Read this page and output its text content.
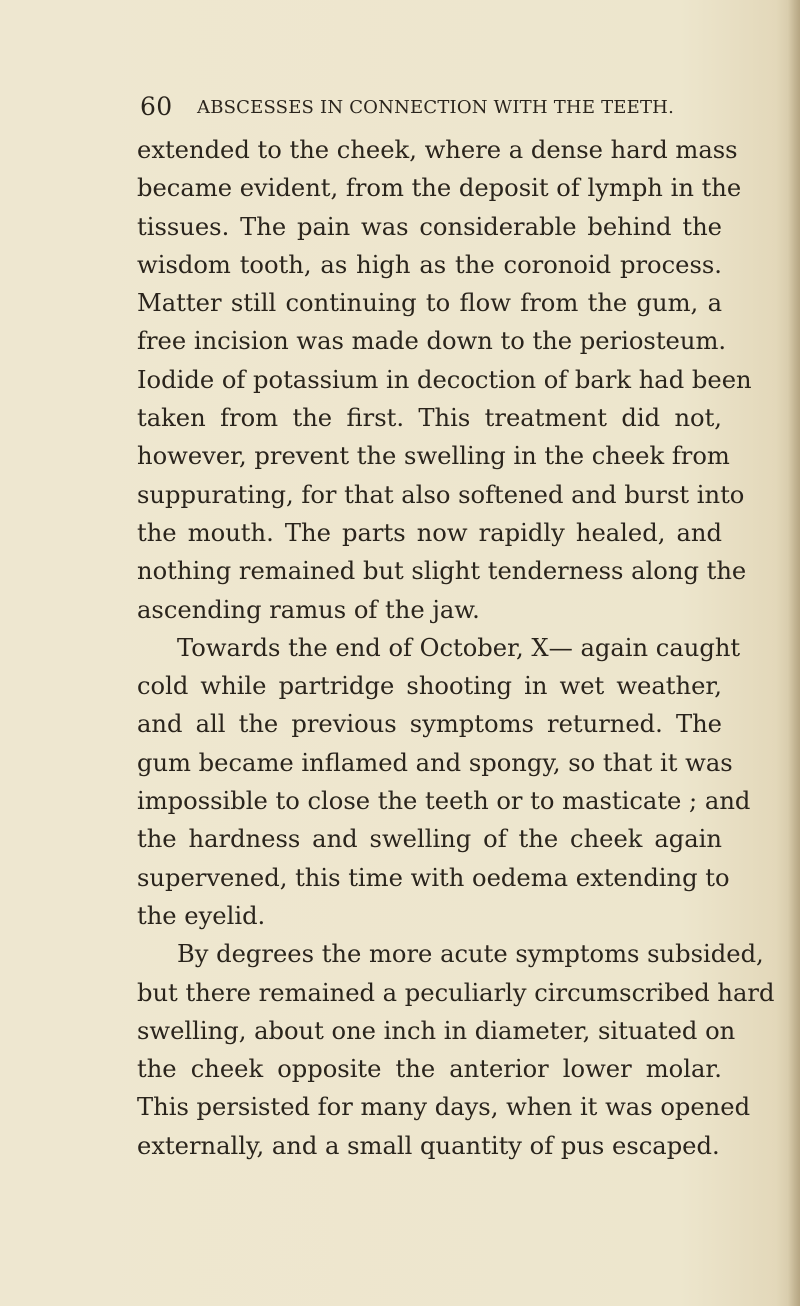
60 ABSCESSES IN CONNECTION WITH THE TEETH.
extended to the cheek, where a dense hard mass
became evident, from the deposit of lymph in the
tissues. The pain was considerable behind the
wisdom tooth, as high as the coronoid process.
Matter still continuing to flow from the gum, a
free incision was made down to the periosteum.
Iodide of potassium in decoction of bark had been
taken from the first. This treatment did not,
however, prevent the swelling in the cheek from
suppurating, for that also softened and burst into
the mouth. The parts now rapidly healed, and
nothing remained but slight tenderness along the
ascending ramus of the jaw.
Towards the end of October, X— again caught
cold while partridge shooting in wet weather,
and all the previous symptoms returned. The
gum became inflamed and spongy, so that it was
impossible to close the teeth or to masticate ; and
the hardness and swelling of the cheek again
supervened, this time with oedema extending to
the eyelid.
By degrees the more acute symptoms subsided,
but there remained a peculiarly circumscribed hard
swelling, about one inch in diameter, situated on
the cheek opposite the anterior lower molar.
This persisted for many days, when it was opened
externally, and a small quantity of pus escaped.
